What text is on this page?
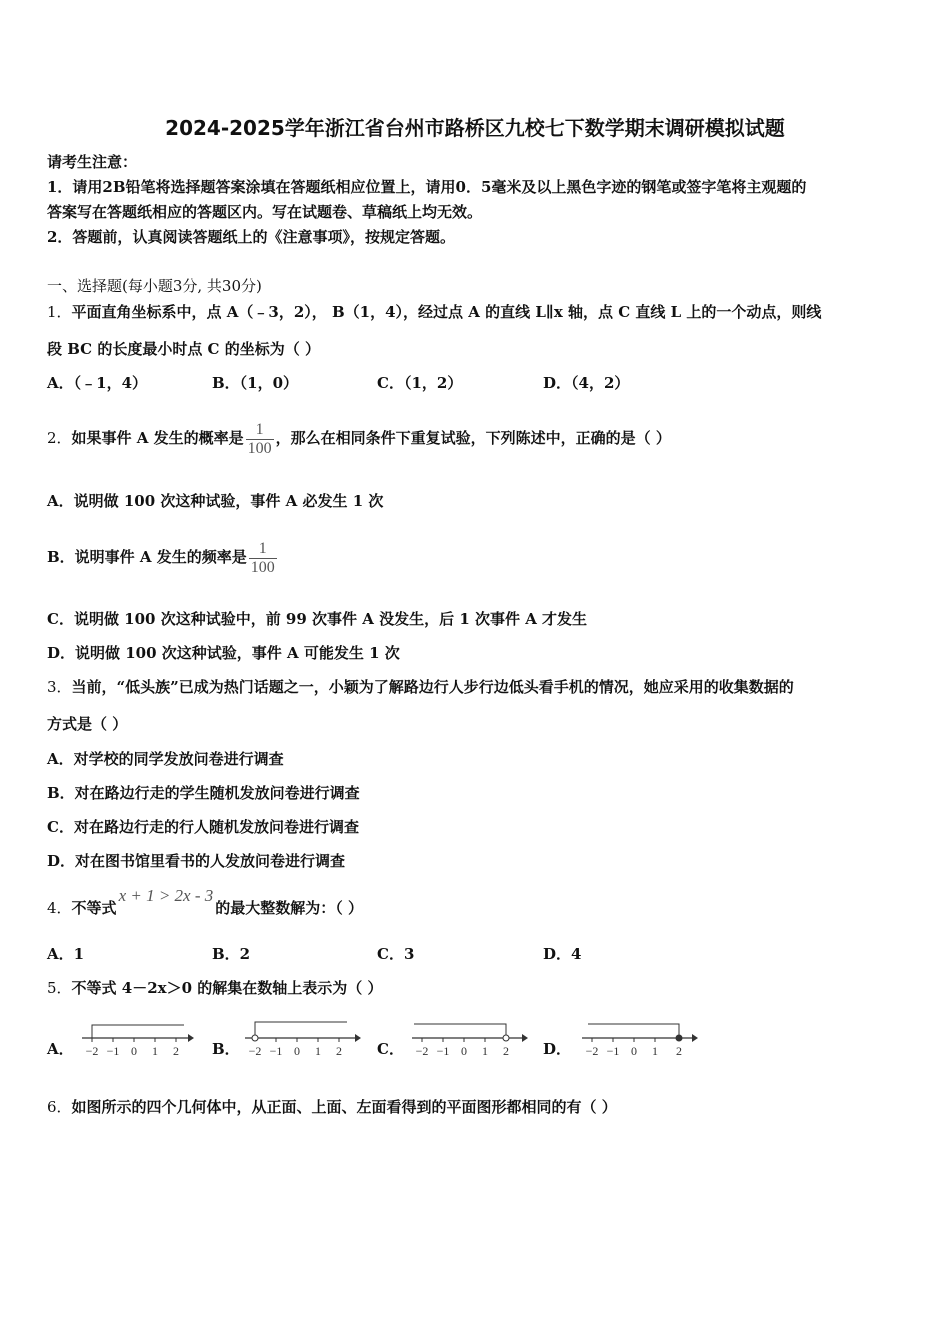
2024-2025学年浙江省台州市路桥区九校七下数学期末调研模拟试题
请考生注意：
1．请用2B铅笔将选择题答案涂填在答题纸相应位置上，请用0．5毫米及以上黑色字迹的钢笔或签字笔将主观题的
答案写在答题纸相应的答题区内。写在试题卷、草稿纸上均无效。
2．答题前，认真阅读答题纸上的《注意事项》，按规定答题。
一、选择题(每小题3分, 共30分)
1．平面直角坐标系中，点 A（﹣3，2）， B（1，4），经过点 A 的直线 L∥x 轴，点 C 直线 L 上的一个动点，则线
段 BC 的长度最小时点 C 的坐标为（ ）
A．（﹣1，4）	B．（1，0）	C．（1，2）	D．（4，2）
2．如果事件 A 发生的概率是 $\frac{1}{100}$ ，那么在相同条件下重复试验，下列陈述中，正确的是（ ）
A．说明做 100 次这种试验，事件 A 必发生 1 次
B．说明事件 A 发生的频率是 $\frac{1}{100}$
C．说明做 100 次这种试验中，前 99 次事件 A 没发生，后 1 次事件 A 才发生
D．说明做 100 次这种试验，事件 A 可能发生 1 次
3．当前，“低头族”已成为热门话题之一，小颖为了解路边行人步行边低头看手机的情况，她应采用的收集数据的
方式是（ ）
A．对学校的同学发放问卷进行调查
B．对在路边行走的学生随机发放问卷进行调查
C．对在路边行走的行人随机发放问卷进行调查
D．对在图书馆里看书的人发放问卷进行调查
4．不等式x + 1 > 2x - 3的最大整数解为：（ ）
A．1	B．2	C．3	D．4
5．不等式 4－2x＞0 的解集在数轴上表示为（ ）
A． −2 −1 0 1 2 B． −2 −1 0 1 2 C． −2 −1 0 1 2 D． −2 −1 0 1 2
6．如图所示的四个几何体中，从正面、上面、左面看得到的平面图形都相同的有（ ）
